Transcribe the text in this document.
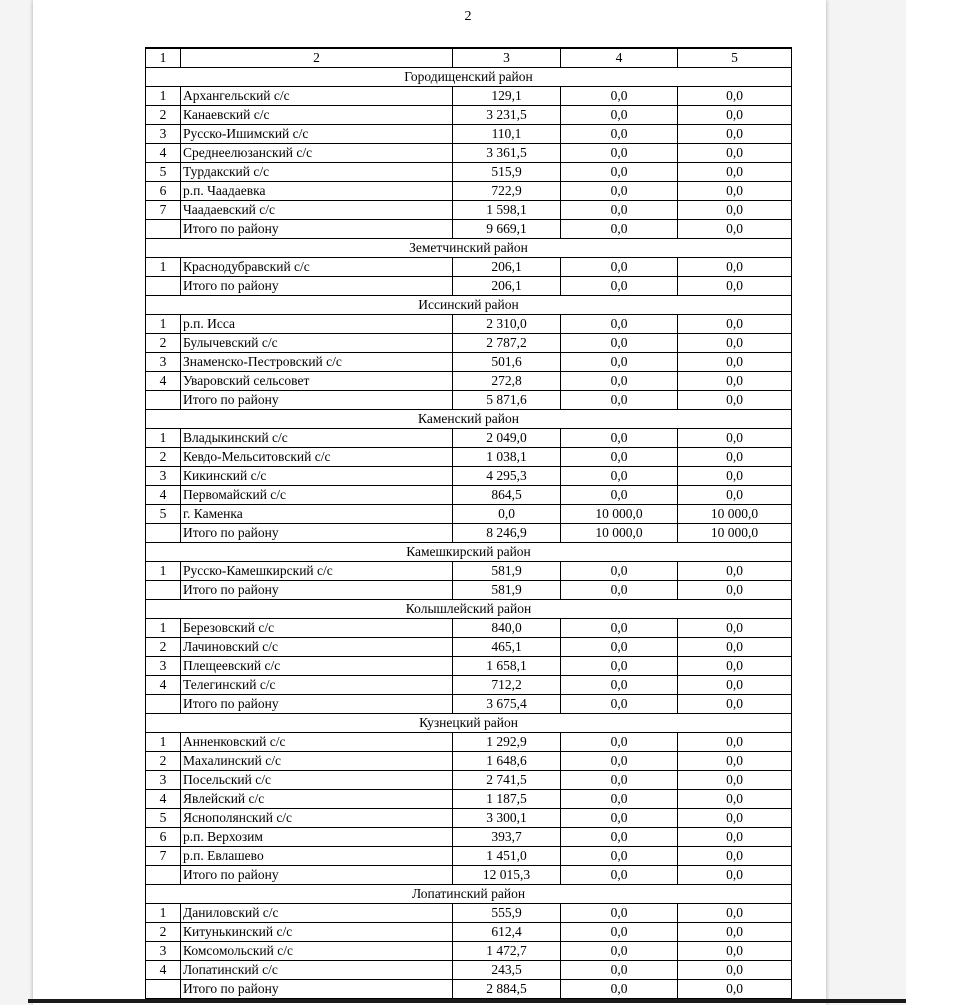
2
1	2	3	4	5
Городищенский район				
1	Архангельский с/с	129,1	0,0	0,0
2	Канаевский с/с	3 231,5	0,0	0,0
3	Русско-Ишимский с/с	110,1	0,0	0,0
4	Среднеелюзанский с/с	3 361,5	0,0	0,0
5	Турдакский с/с	515,9	0,0	0,0
6	р.п. Чаадаевка	722,9	0,0	0,0
7	Чаадаевский с/с	1 598,1	0,0	0,0
	Итого по району	9 669,1	0,0	0,0
Земетчинский район				
1	Краснодубравский с/с	206,1	0,0	0,0
	Итого по району	206,1	0,0	0,0
Иссинский район				
1	р.п. Исса	2 310,0	0,0	0,0
2	Булычевский с/с	2 787,2	0,0	0,0
3	Знаменско-Пестровский с/с	501,6	0,0	0,0
4	Уваровский сельсовет	272,8	0,0	0,0
	Итого по району	5 871,6	0,0	0,0
Каменский район				
1	Владыкинский с/с	2 049,0	0,0	0,0
2	Кевдо-Мельситовский с/с	1 038,1	0,0	0,0
3	Кикинский с/с	4 295,3	0,0	0,0
4	Первомайский с/с	864,5	0,0	0,0
5	г. Каменка	0,0	10 000,0	10 000,0
	Итого по району	8 246,9	10 000,0	10 000,0
Камешкирский район				
1	Русско-Камешкирский с/с	581,9	0,0	0,0
	Итого по району	581,9	0,0	0,0
Колышлейский район				
1	Березовский с/с	840,0	0,0	0,0
2	Лачиновский с/с	465,1	0,0	0,0
3	Плещеевский с/с	1 658,1	0,0	0,0
4	Телегинский с/с	712,2	0,0	0,0
	Итого по району	3 675,4	0,0	0,0
Кузнецкий район				
1	Анненковский с/с	1 292,9	0,0	0,0
2	Махалинский с/с	1 648,6	0,0	0,0
3	Посельский с/с	2 741,5	0,0	0,0
4	Явлейский с/с	1 187,5	0,0	0,0
5	Яснополянский с/с	3 300,1	0,0	0,0
6	р.п. Верхозим	393,7	0,0	0,0
7	р.п. Евлашево	1 451,0	0,0	0,0
	Итого по району	12 015,3	0,0	0,0
Лопатинский район				
1	Даниловский с/с	555,9	0,0	0,0
2	Китунькинский с/с	612,4	0,0	0,0
3	Комсомольский с/с	1 472,7	0,0	0,0
4	Лопатинский с/с	243,5	0,0	0,0
	Итого по району	2 884,5	0,0	0,0
